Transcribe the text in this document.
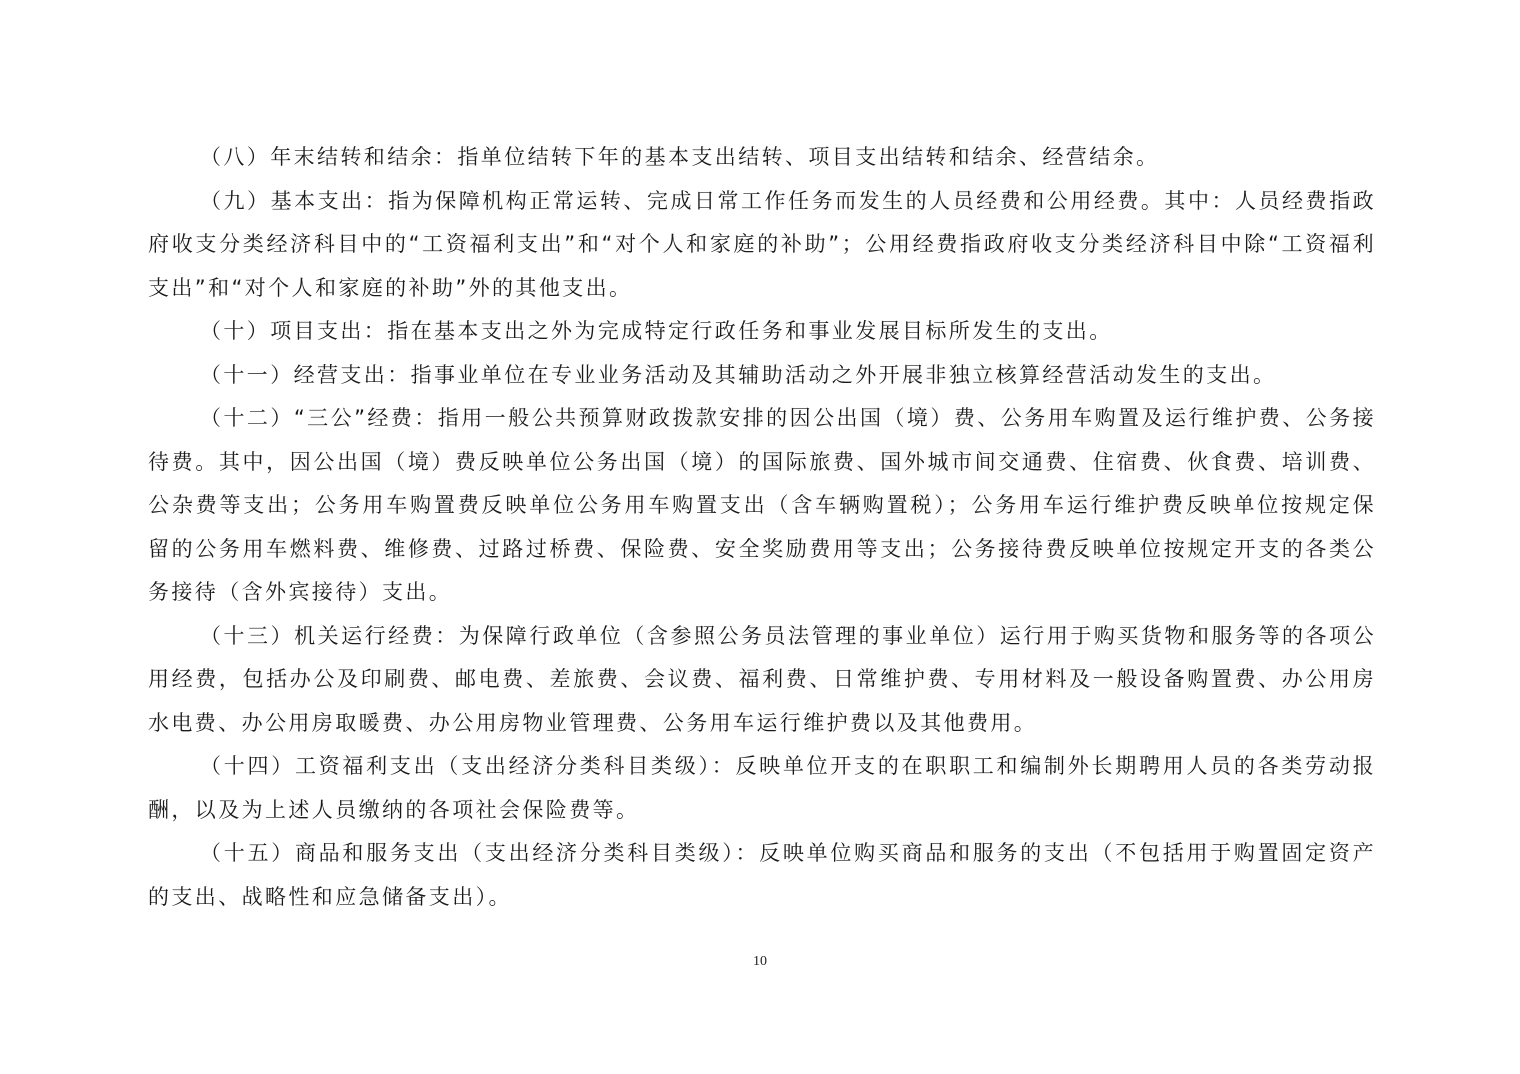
（八）年末结转和结余：指单位结转下年的基本支出结转、项目支出结转和结余、经营结余。

（九）基本支出：指为保障机构正常运转、完成日常工作任务而发生的人员经费和公用经费。其中：人员经费指政府收支分类经济科目中的“工资福利支出”和“对个人和家庭的补助”；公用经费指政府收支分类经济科目中除“工资福利支出”和“对个人和家庭的补助”外的其他支出。

（十）项目支出：指在基本支出之外为完成特定行政任务和事业发展目标所发生的支出。

（十一）经营支出：指事业单位在专业业务活动及其辅助活动之外开展非独立核算经营活动发生的支出。

（十二）“三公”经费：指用一般公共预算财政拨款安排的因公出国（境）费、公务用车购置及运行维护费、公务接待费。其中，因公出国（境）费反映单位公务出国（境）的国际旅费、国外城市间交通费、住宿费、伙食费、培训费、公杂费等支出；公务用车购置费反映单位公务用车购置支出（含车辆购置税）；公务用车运行维护费反映单位按规定保留的公务用车燃料费、维修费、过路过桥费、保险费、安全奖励费用等支出；公务接待费反映单位按规定开支的各类公务接待（含外宾接待）支出。

（十三）机关运行经费：为保障行政单位（含参照公务员法管理的事业单位）运行用于购买货物和服务等的各项公用经费，包括办公及印刷费、邮电费、差旅费、会议费、福利费、日常维护费、专用材料及一般设备购置费、办公用房水电费、办公用房取暖费、办公用房物业管理费、公务用车运行维护费以及其他费用。

（十四）工资福利支出（支出经济分类科目类级）：反映单位开支的在职职工和编制外长期聘用人员的各类劳动报酬，以及为上述人员缴纳的各项社会保险费等。

（十五）商品和服务支出（支出经济分类科目类级）：反映单位购买商品和服务的支出（不包括用于购置固定资产的支出、战略性和应急储备支出）。

10
